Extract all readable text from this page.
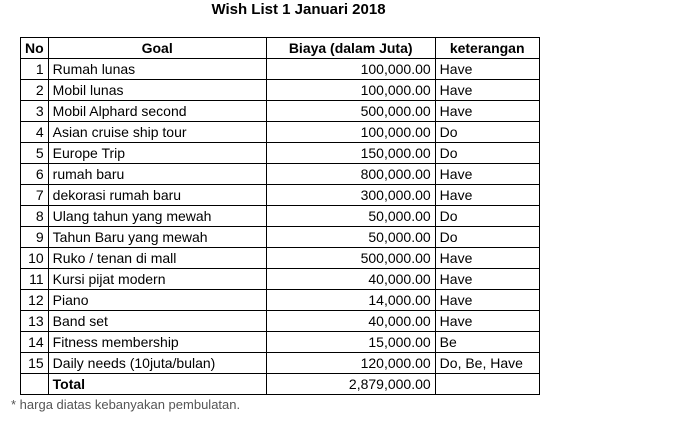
Wish List 1 Januari 2018
No	Goal	Biaya (dalam Juta)	keterangan
1	Rumah lunas	100,000.00	Have
2	Mobil lunas	100,000.00	Have
3	Mobil Alphard second	500,000.00	Have
4	Asian cruise ship tour	100,000.00	Do
5	Europe Trip	150,000.00	Do
6	rumah baru	800,000.00	Have
7	dekorasi rumah baru	300,000.00	Have
8	Ulang tahun yang mewah	50,000.00	Do
9	Tahun Baru yang mewah	50,000.00	Do
10	Ruko / tenan di mall	500,000.00	Have
11	Kursi pijat modern	40,000.00	Have
12	Piano	14,000.00	Have
13	Band set	40,000.00	Have
14	Fitness membership	15,000.00	Be
15	Daily needs (10juta/bulan)	120,000.00	Do, Be, Have
	Total	2,879,000.00	
* harga diatas kebanyakan pembulatan.
